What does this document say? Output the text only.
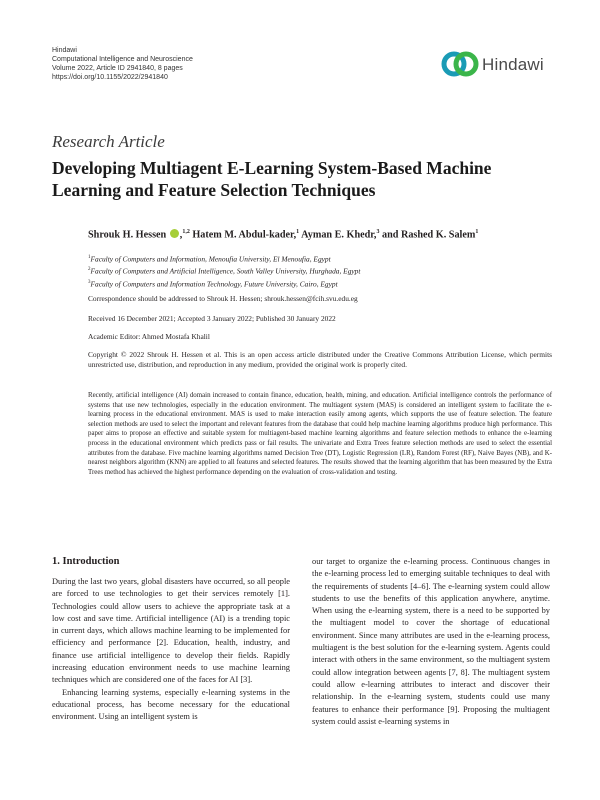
Hindawi
Computational Intelligence and Neuroscience
Volume 2022, Article ID 2941840, 8 pages
https://doi.org/10.1155/2022/2941840
Hindawi
Research Article
Developing Multiagent E-Learning System-Based Machine Learning and Feature Selection Techniques
Shrouk H. Hessen ,$^{1,2}$ Hatem M. Abdul-kader,$^1$ Ayman E. Khedr,$^3$ and Rashed K. Salem$^1$
$^1$Faculty of Computers and Information, Menoufia University, El Menoufia, Egypt
$^2$Faculty of Computers and Artificial Intelligence, South Valley University, Hurghada, Egypt
$^3$Faculty of Computers and Information Technology, Future University, Cairo, Egypt
Correspondence should be addressed to Shrouk H. Hessen; shrouk.hessen@fcih.svu.edu.eg
Received 16 December 2021; Accepted 3 January 2022; Published 30 January 2022
Academic Editor: Ahmed Mostafa Khalil
Copyright © 2022 Shrouk H. Hessen et al. This is an open access article distributed under the Creative Commons Attribution License, which permits unrestricted use, distribution, and reproduction in any medium, provided the original work is properly cited.
Recently, artificial intelligence (AI) domain increased to contain finance, education, health, mining, and education. Artificial intelligence controls the performance of systems that use new technologies, especially in the education environment. The multiagent system (MAS) is considered an intelligent system to facilitate the e-learning process in the educational environment. MAS is used to make interaction easily among agents, which supports the use of feature selection. The feature selection methods are used to select the important and relevant features from the database that could help machine learning algorithms produce high performance. This paper aims to propose an effective and suitable system for multiagent-based machine learning algorithms and feature selection methods to enhance the e-learning process in the educational environment which predicts pass or fail results. The univariate and Extra Trees feature selection methods are used to select the essential attributes from the database. Five machine learning algorithms named Decision Tree (DT), Logistic Regression (LR), Random Forest (RF), Naive Bayes (NB), and K-nearest neighbors algorithm (KNN) are applied to all features and selected features. The results showed that the learning algorithm that has been measured by the Extra Trees method has achieved the highest performance depending on the evaluation of cross-validation and testing.
1. Introduction

During the last two years, global disasters have occurred, so all people are forced to use technologies to get their services remotely [1]. Technologies could allow users to achieve the appropriate task at a low cost and save time. Artificial intelligence (AI) is a trending topic in current days, which allows machine learning to be implemented for efficiency and performance [2]. Education, health, industry, and finance use artificial intelligence to develop their fields. Rapidly increasing education environment needs to use machine learning techniques which are considered one of the faces for AI [3].

Enhancing learning systems, especially e-learning systems in the educational process, has become necessary for the educational environment. Using an intelligent system is

our target to organize the e-learning process. Continuous changes in the e-learning process led to emerging suitable techniques to deal with the requirements of students [4–6]. The e-learning system could allow students to use the benefits of this application anywhere, anytime. When using the e-learning system, there is a need to be supported by the multiagent model to cover the shortage of educational environment. Since many attributes are used in the e-learning process, multiagent is the best solution for the e-learning system. Agents could interact with others in the same environment, so the multiagent system could allow integration between agents [7, 8]. The multiagent system could allow e-learning attributes to interact and discover their relationship. In the e-learning system, students could use many features to enhance their performance [9]. Proposing the multiagent system could assist e-learning systems in
